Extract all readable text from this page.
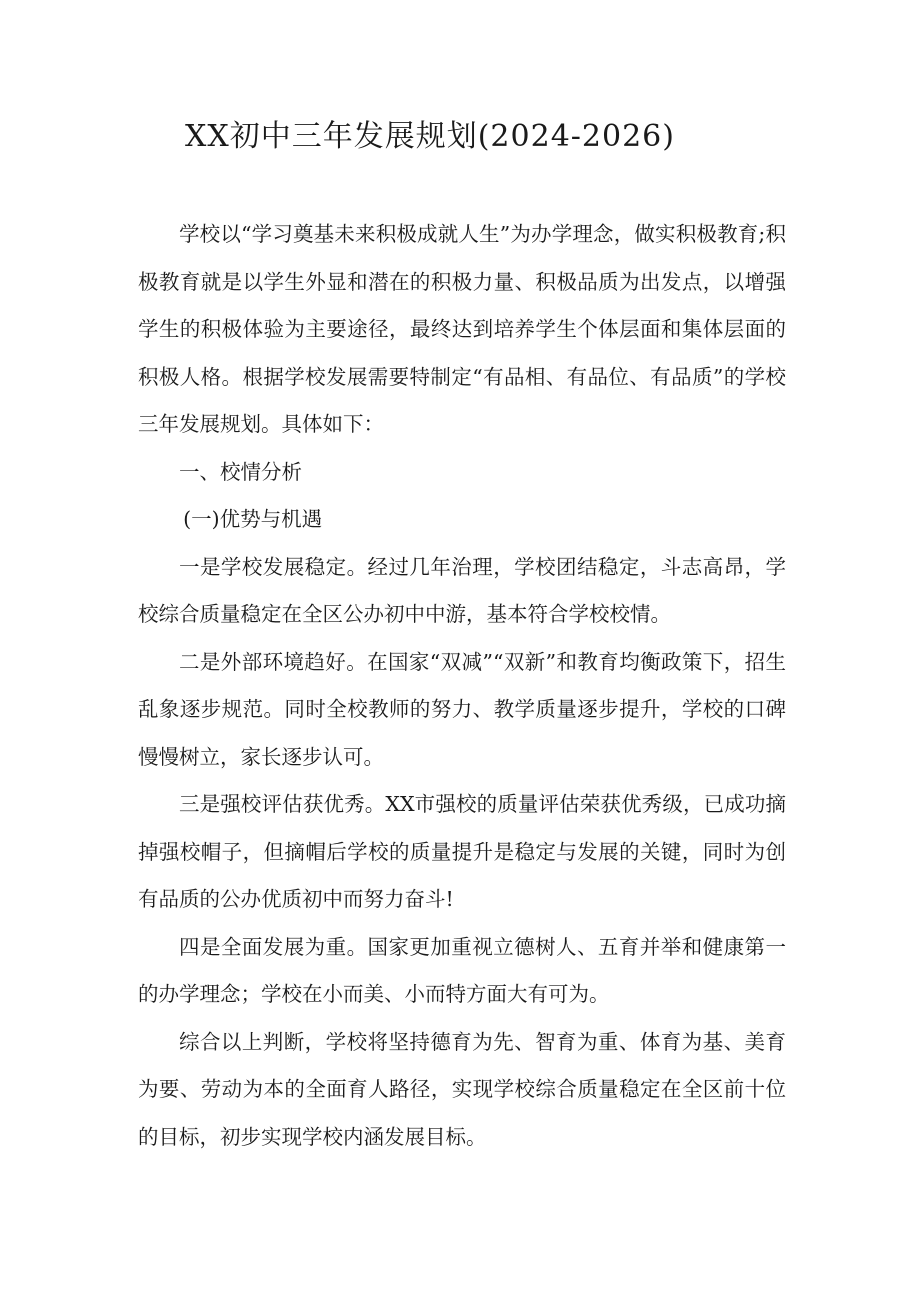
XX初中三年发展规划(2024-2026)

学校以“学习奠基未来积极成就人生”为办学理念，做实积极教育;积极教育就是以学生外显和潜在的积极力量、积极品质为出发点，以增强学生的积极体验为主要途径，最终达到培养学生个体层面和集体层面的积极人格。根据学校发展需要特制定“有品相、有品位、有品质”的学校三年发展规划。具体如下：

一、校情分析

(一)优势与机遇

一是学校发展稳定。经过几年治理，学校团结稳定，斗志高昂，学校综合质量稳定在全区公办初中中游，基本符合学校校情。

二是外部环境趋好。在国家“双减”“双新”和教育均衡政策下，招生乱象逐步规范。同时全校教师的努力、教学质量逐步提升，学校的口碑慢慢树立，家长逐步认可。

三是强校评估获优秀。XX市强校的质量评估荣获优秀级，已成功摘掉强校帽子，但摘帽后学校的质量提升是稳定与发展的关键，同时为创有品质的公办优质初中而努力奋斗!

四是全面发展为重。国家更加重视立德树人、五育并举和健康第一的办学理念；学校在小而美、小而特方面大有可为。

综合以上判断，学校将坚持德育为先、智育为重、体育为基、美育为要、劳动为本的全面育人路径，实现学校综合质量稳定在全区前十位的目标，初步实现学校内涵发展目标。
